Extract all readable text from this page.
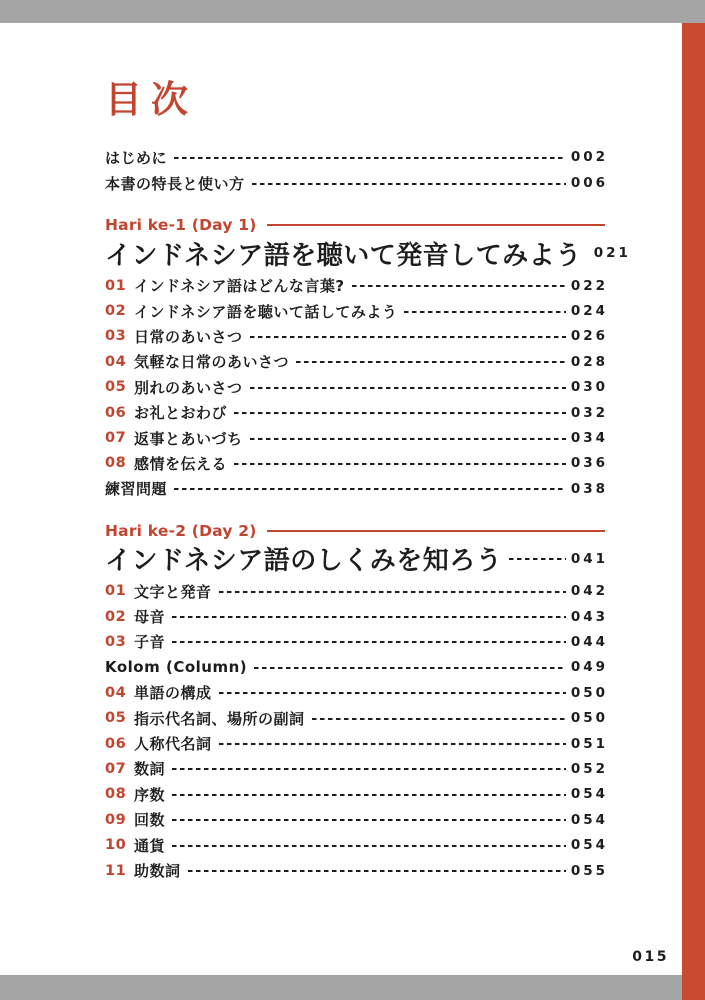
目次
はじめに	002
本書の特長と使い方	006
Hari ke-1 (Day 1)
インドネシア語を聴いて発音してみよう 021
01 インドネシア語はどんな言葉?	022
02 インドネシア語を聴いて話してみよう	024
03 日常のあいさつ	026
04 気軽な日常のあいさつ	028
05 別れのあいさつ	030
06 お礼とおわび	032
07 返事とあいづち	034
08 感情を伝える	036
練習問題	038
Hari ke-2 (Day 2)
インドネシア語のしくみを知ろう	041
01 文字と発音	042
02 母音	043
03 子音	044
Kolom (Column)	049
04 単語の構成	050
05 指示代名詞、場所の副詞	050
06 人称代名詞	051
07 数詞	052
08 序数	054
09 回数	054
10 通貨	054
11 助数詞	055
015
